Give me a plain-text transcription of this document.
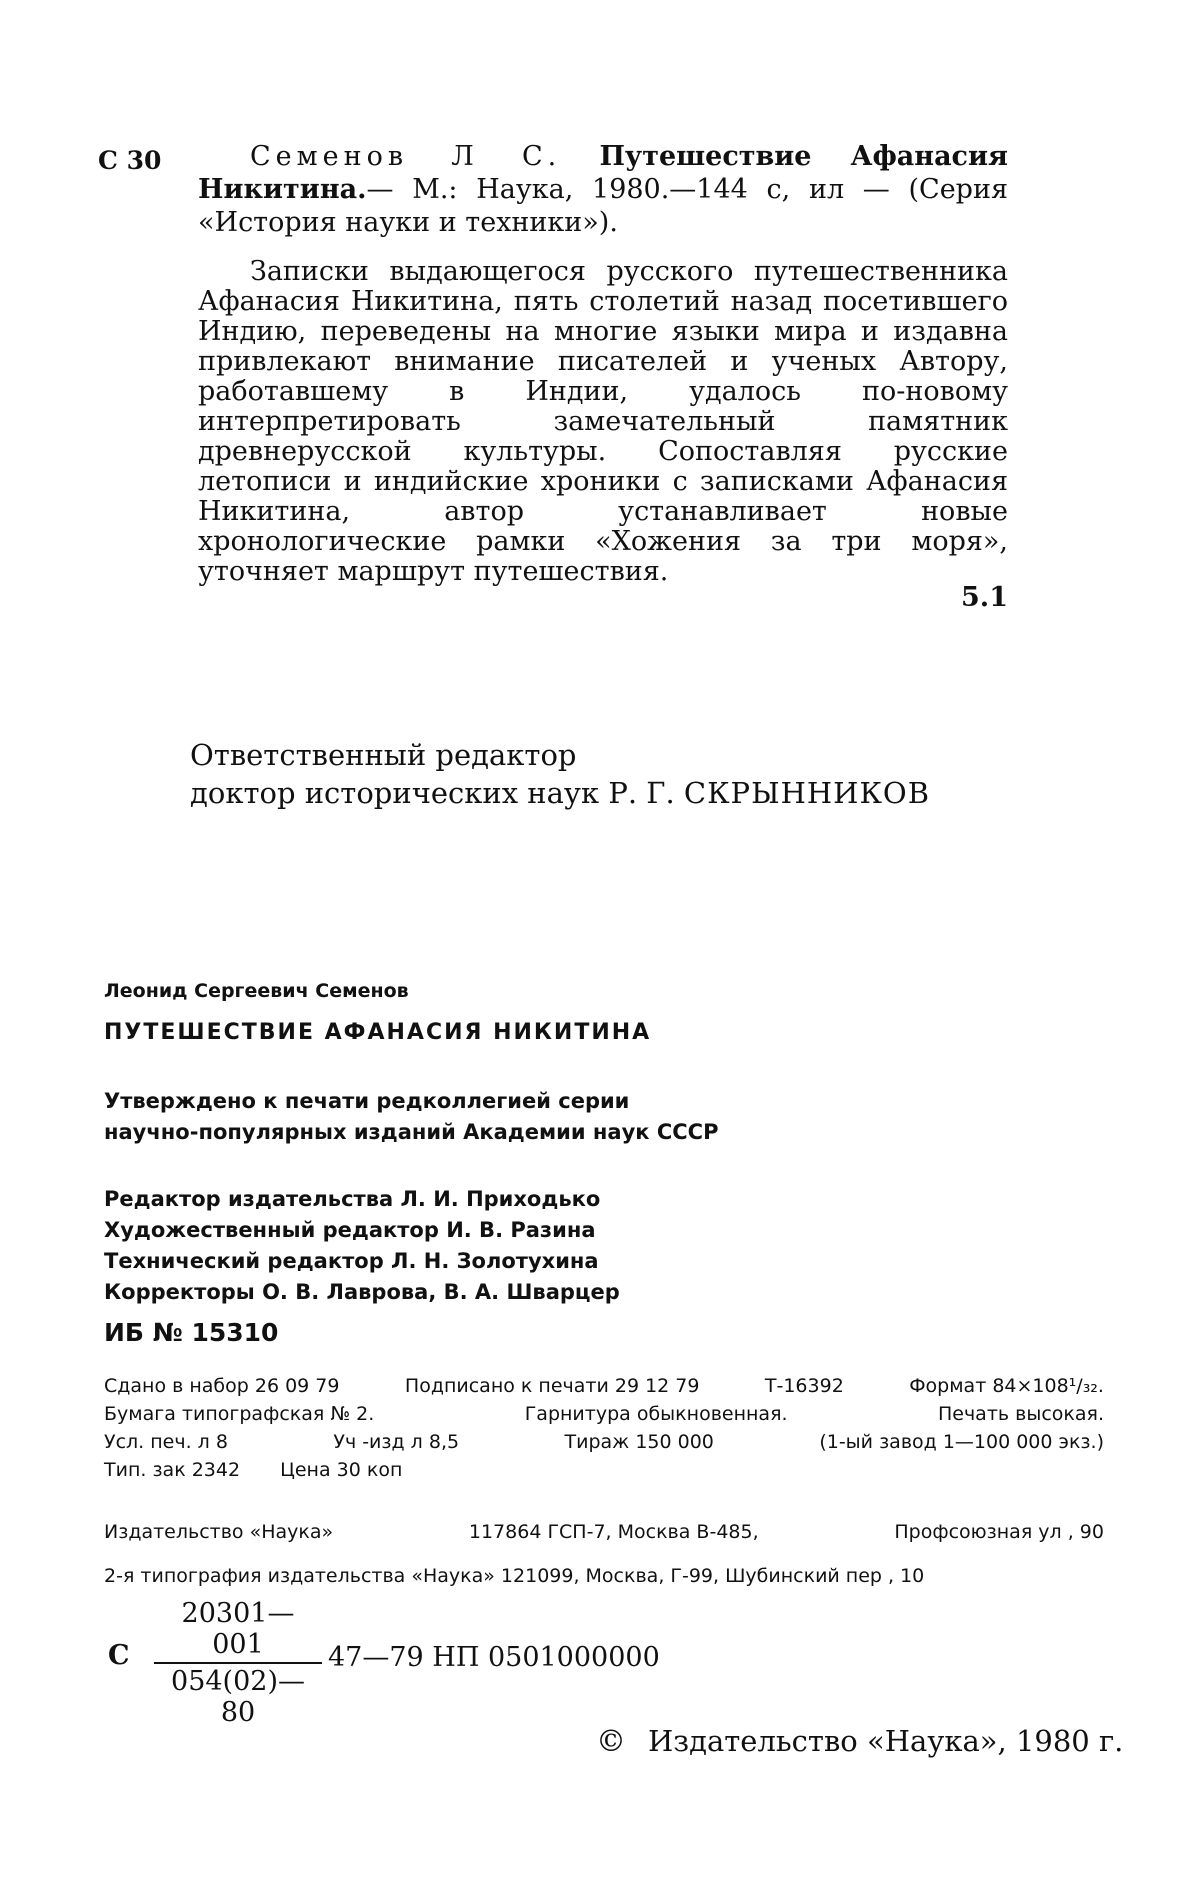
С 30	Семенов Л С. Путешествие Афанасия Никитина.— М.: Наука, 1980.—144 с, ил — (Серия «История науки и техники»).

Записки выдающегося русского путешественника Афанасия Никитина, пять столетий назад посетившего Индию, переведены на многие языки мира и издавна привлекают внимание писателей и ученых Автору, работавшему в Индии, удалось по-новому интерпретировать замечательный памятник древнерусской культуры. Сопоставляя русские летописи и индийские хроники с записками Афанасия Никитина, автор устанавливает новые хронологические рамки «Хожения за три моря», уточняет маршрут путешествия.

5.1
Ответственный редактор
доктор исторических наук Р. Г. СКРЫННИКОВ
Леонид Сергеевич Семенов
ПУТЕШЕСТВИЕ АФАНАСИЯ НИКИТИНА
Утверждено к печати редколлегией серии
научно-популярных изданий Академии наук СССР
Редактор издательства Л. И. Приходько
Художественный редактор И. В. Разина
Технический редактор Л. Н. Золотухина
Корректоры О. В. Лаврова, В. А. Шварцер
ИБ № 15310
Сдано в набор 26 09 79	Подписано к печати 29 12 79	Т-16392	Формат 84×108¹/₃₂.
Бумага типографская № 2.	Гарнитура обыкновенная.	Печать высокая.
Усл. печ. л 8	Уч -изд л 8,5	Тираж 150 000	(1-ый завод 1—100 000 экз.)
Тип. зак 2342 Цена 30 коп
Издательство «Наука»	117864 ГСП-7, Москва В-485,	Профсоюзная ул , 90
2-я типография издательства «Наука» 121099, Москва, Г-99, Шубинский пер , 10
С
20301—001
054(02)—80
47—79 НП 0501000000
© Издательство «Наука», 1980 г.
